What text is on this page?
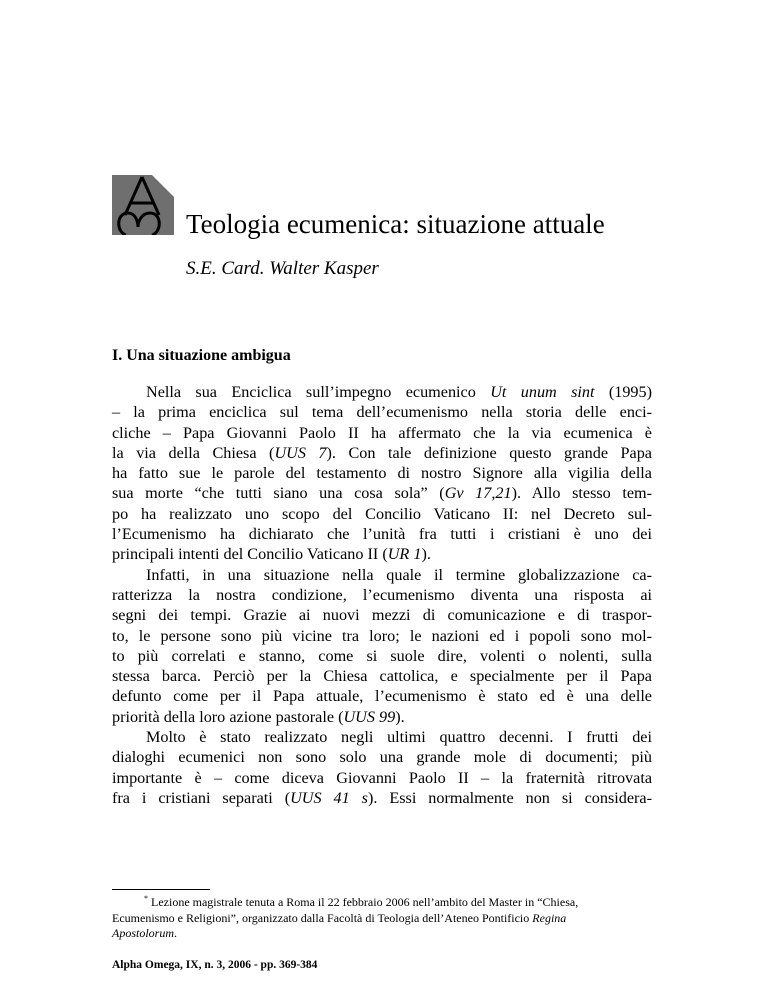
Teologia ecumenica: situazione attuale
S.E. Card. Walter Kasper
I. Una situazione ambigua
Nella sua Enciclica sull’impegno ecumenico Ut unum sint (1995)
– la prima enciclica sul tema dell’ecumenismo nella storia delle enci-
cliche – Papa Giovanni Paolo II ha affermato che la via ecumenica è
la via della Chiesa (UUS 7). Con tale definizione questo grande Papa
ha fatto sue le parole del testamento di nostro Signore alla vigilia della
sua morte “che tutti siano una cosa sola” (Gv 17,21). Allo stesso tem-
po ha realizzato uno scopo del Concilio Vaticano II: nel Decreto sul-
l’Ecumenismo ha dichiarato che l’unità fra tutti i cristiani è uno dei
principali intenti del Concilio Vaticano II (UR 1).
Infatti, in una situazione nella quale il termine globalizzazione ca-
ratterizza la nostra condizione, l’ecumenismo diventa una risposta ai
segni dei tempi. Grazie ai nuovi mezzi di comunicazione e di traspor-
to, le persone sono più vicine tra loro; le nazioni ed i popoli sono mol-
to più correlati e stanno, come si suole dire, volenti o nolenti, sulla
stessa barca. Perciò per la Chiesa cattolica, e specialmente per il Papa
defunto come per il Papa attuale, l’ecumenismo è stato ed è una delle
priorità della loro azione pastorale (UUS 99).
Molto è stato realizzato negli ultimi quattro decenni. I frutti dei
dialoghi ecumenici non sono solo una grande mole di documenti; più
importante è – come diceva Giovanni Paolo II – la fraternità ritrovata
fra i cristiani separati (UUS 41 s). Essi normalmente non si considera-
* Lezione magistrale tenuta a Roma il 22 febbraio 2006 nell’ambito del Master in “Chiesa,
Ecumenismo e Religioni”, organizzato dalla Facoltà di Teologia dell’Ateneo Pontificio Regina
Apostolorum.
Alpha Omega, IX, n. 3, 2006 - pp. 369-384
